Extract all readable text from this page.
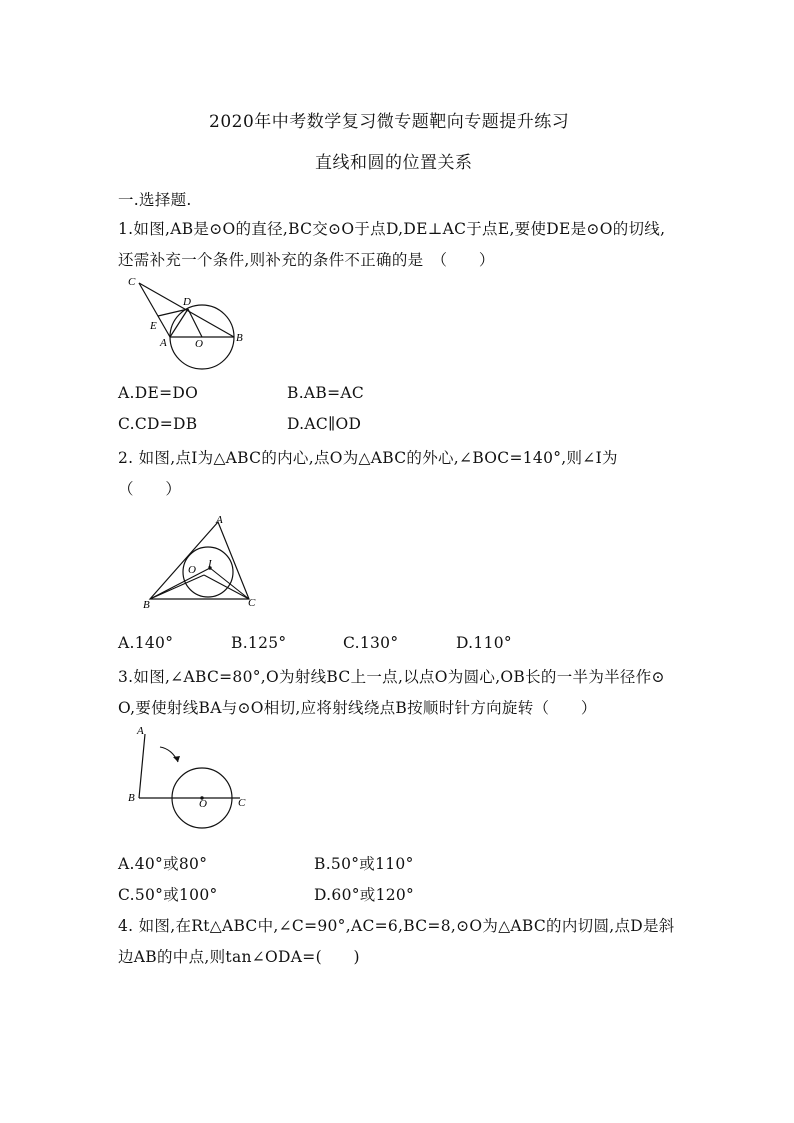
2020年中考数学复习微专题靶向专题提升练习
直线和圆的位置关系
一.选择题.
1.如图,AB是⊙O的直径,BC交⊙O于点D,DE⊥AC于点E,要使DE是⊙O的切线,
还需补充一个条件,则补充的条件不正确的是　（　　）
C
D
E
A	O	B
A.DE=DO	B.AB=AC
C.CD=DB	D.AC∥OD
2. 如图,点I为△ABC的内心,点O为△ABC的外心,∠BOC=140°,则∠I为
（　　）
A
O I
B	C
A.140°	B.125°	C.130°	D.110°
3.如图,∠ABC=80°,O为射线BC上一点,以点O为圆心,OB长的一半为半径作⊙
O,要使射线BA与⊙O相切,应将射线绕点B按顺时针方向旋转（　　）
A
B	O	C
A.40°或80°	B.50°或110°
C.50°或100°	D.60°或120°
4. 如图,在Rt△ABC中,∠C=90°,AC=6,BC=8,⊙O为△ABC的内切圆,点D是斜
边AB的中点,则tan∠ODA=(　　)
